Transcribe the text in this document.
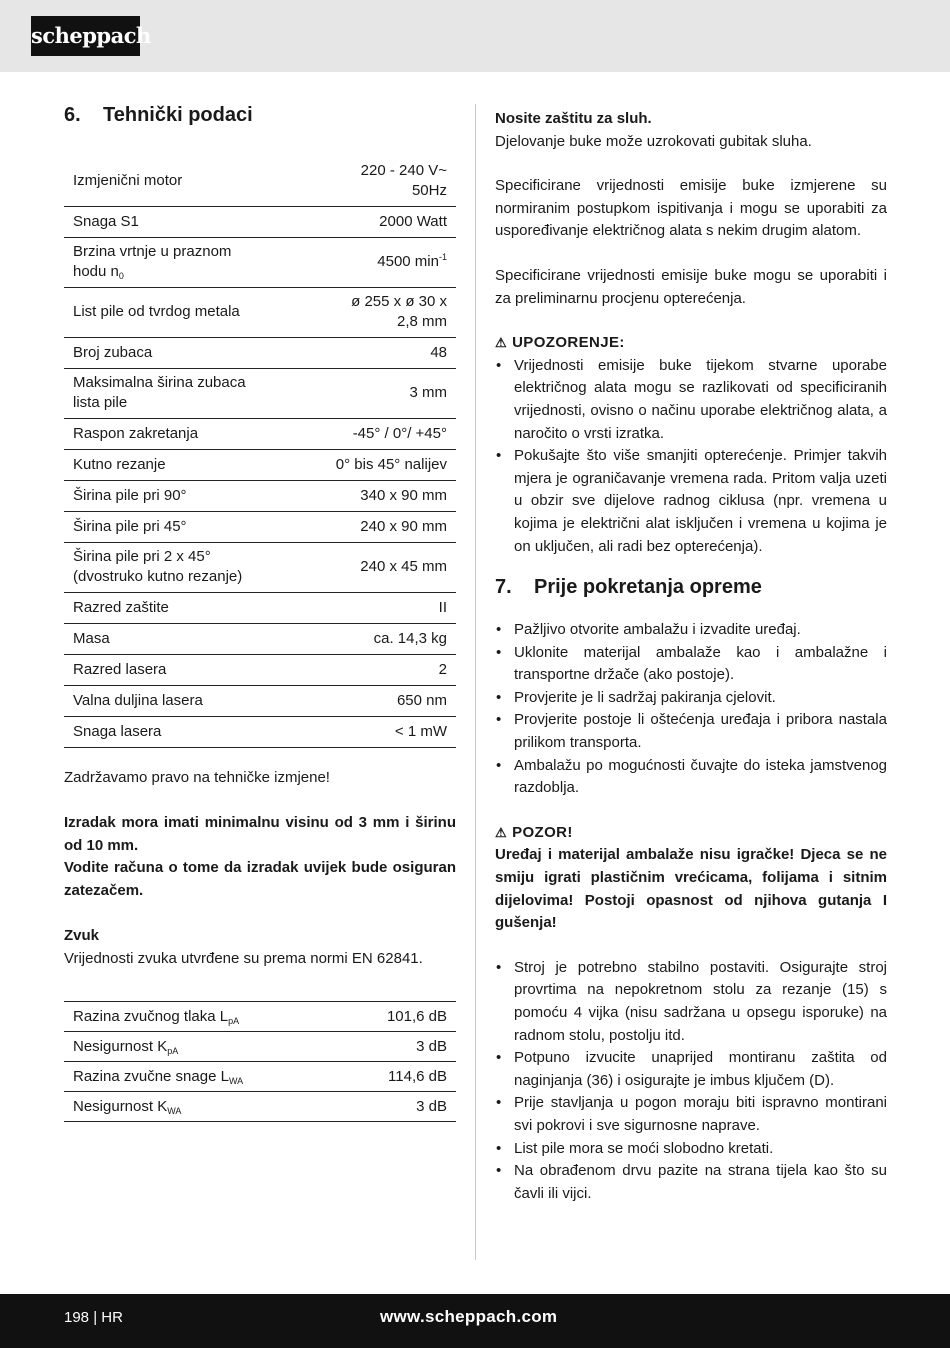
scheppach
6.	Tehnički podaci
Izmjenični motor	220 - 240 V~
50Hz
Snaga S1	2000 Watt
Brzina vrtnje u praznom
hodu $n_0$	4500 $\min^{-1}$
List pile od tvrdog metala	ø 255 x ø 30 x
2,8 mm
Broj zubaca	48
Maksimalna širina zubaca
lista pile	3 mm
Raspon zakretanja	-45° / 0°/ +45°
Kutno rezanje	0° bis 45° nalijev
Širina pile pri 90°	340 x 90 mm
Širina pile pri 45°	240 x 90 mm
Širina pile pri 2 x 45°
(dvostruko kutno rezanje)	240 x 45 mm
Razred zaštite	II
Masa	ca. 14,3 kg
Razred lasera	2
Valna duljina lasera	650 nm
Snaga lasera	< 1 mW

Zadržavamo pravo na tehničke izmjene!

Izradak mora imati minimalnu visinu od 3 mm i širinu od 10 mm.

Vodite računa o tome da izradak uvijek bude osiguran zatezačem.

Zvuk

Vrijednosti zvuka utvrđene su prema normi EN 62841.

Razina zvučnog tlaka $L_{pA}$	101,6 dB
Nesigurnost $K_{pA}$	3 dB
Razina zvučne snage $L_{WA}$	114,6 dB
Nesigurnost $K_{WA}$	3 dB

Nosite zaštitu za sluh.

Djelovanje buke može uzrokovati gubitak sluha.

Specificirane vrijednosti emisije buke izmjerene su normiranim postupkom ispitivanja i mogu se uporabiti za uspoređivanje električnog alata s nekim drugim alatom.

Specificirane vrijednosti emisije buke mogu se uporabiti i za preliminarnu procjenu opterećenja.

⚠ UPOZORENJE:
• Vrijednosti emisije buke tijekom stvarne uporabe električnog alata mogu se razlikovati od specificiranih vrijednosti, ovisno o načinu uporabe električnog alata, a naročito o vrsti izratka.
• Pokušajte što više smanjiti opterećenje. Primjer takvih mjera je ograničavanje vremena rada. Pritom valja uzeti u obzir sve dijelove radnog ciklusa (npr. vremena u kojima je električni alat isključen i vremena u kojima je on uključen, ali radi bez opterećenja).
7.	Prije pokretanja opreme
• Pažljivo otvorite ambalažu i izvadite uređaj.
• Uklonite materijal ambalaže kao i ambalažne i transportne držače (ako postoje).
• Provjerite je li sadržaj pakiranja cjelovit.
• Provjerite postoje li oštećenja uređaja i pribora nastala prilikom transporta.
• Ambalažu po mogućnosti čuvajte do isteka jamstvenog razdoblja.
⚠ POZOR!

Uređaj i materijal ambalaže nisu igračke! Djeca se ne smiju igrati plastičnim vrećicama, folijama i sitnim dijelovima! Postoji opasnost od njihova gutanja I gušenja!

• Stroj je potrebno stabilno postaviti. Osigurajte stroj provrtima na nepokretnom stolu za rezanje (15) s pomoću 4 vijka (nisu sadržana u opsegu isporuke) na radnom stolu, postolju itd.
• Potpuno izvucite unaprijed montiranu zaštita od naginjanja (36) i osigurajte je imbus ključem (D).
• Prije stavljanja u pogon moraju biti ispravno montirani svi pokrovi i sve sigurnosne naprave.
• List pile mora se moći slobodno kretati.
• Na obrađenom drvu pazite na strana tijela kao što su čavli ili vijci.
198 | HR	www.scheppach.com
